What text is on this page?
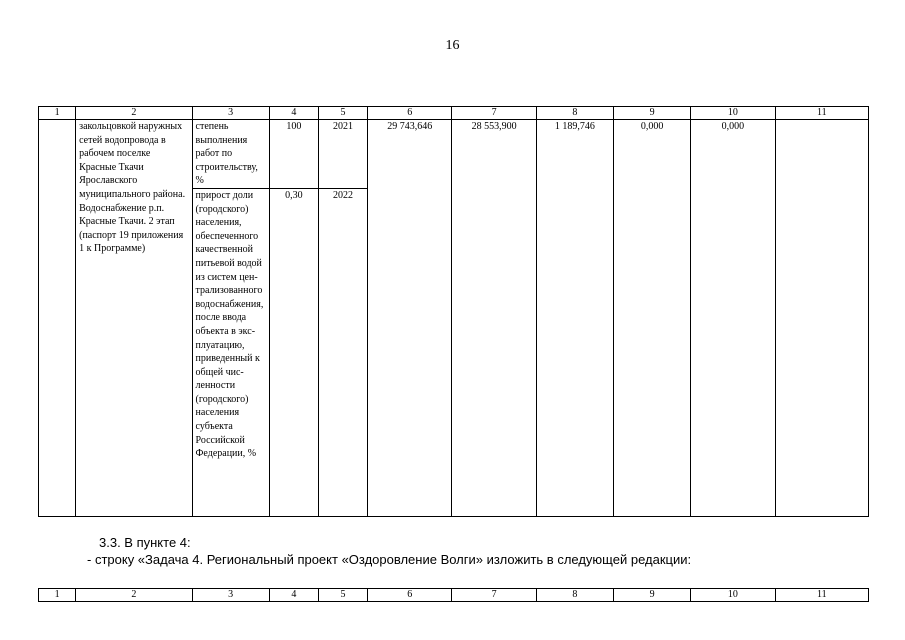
16
1	2	3	4	5	6	7	8	9	10	11
	закольцовкой наружных сетей водопровода в рабочем поселке Красные Ткачи Ярославского муниципального района. Водоснабжение р.п. Красные Ткачи. 2 этап (паспорт 19 приложения 1 к Программе)	степень выполнения работ по строительству, %	100	2021	29 743,646	28 553,900	1 189,746	0,000	0,000	
		прирост доли (городского) населения, обеспеченного качественной питьевой водой из систем цен-трализованного водоснабжения, после ввода объекта в экс-плуатацию, приведенный к общей чис-ленности (городского) населения субъекта Российской Федерации, %	0,30	2022						
3.3. В пункте 4:
- строку «Задача 4. Региональный проект «Оздоровление Волги» изложить в следующей редакции:
1	2	3	4	5	6	7	8	9	10	11
